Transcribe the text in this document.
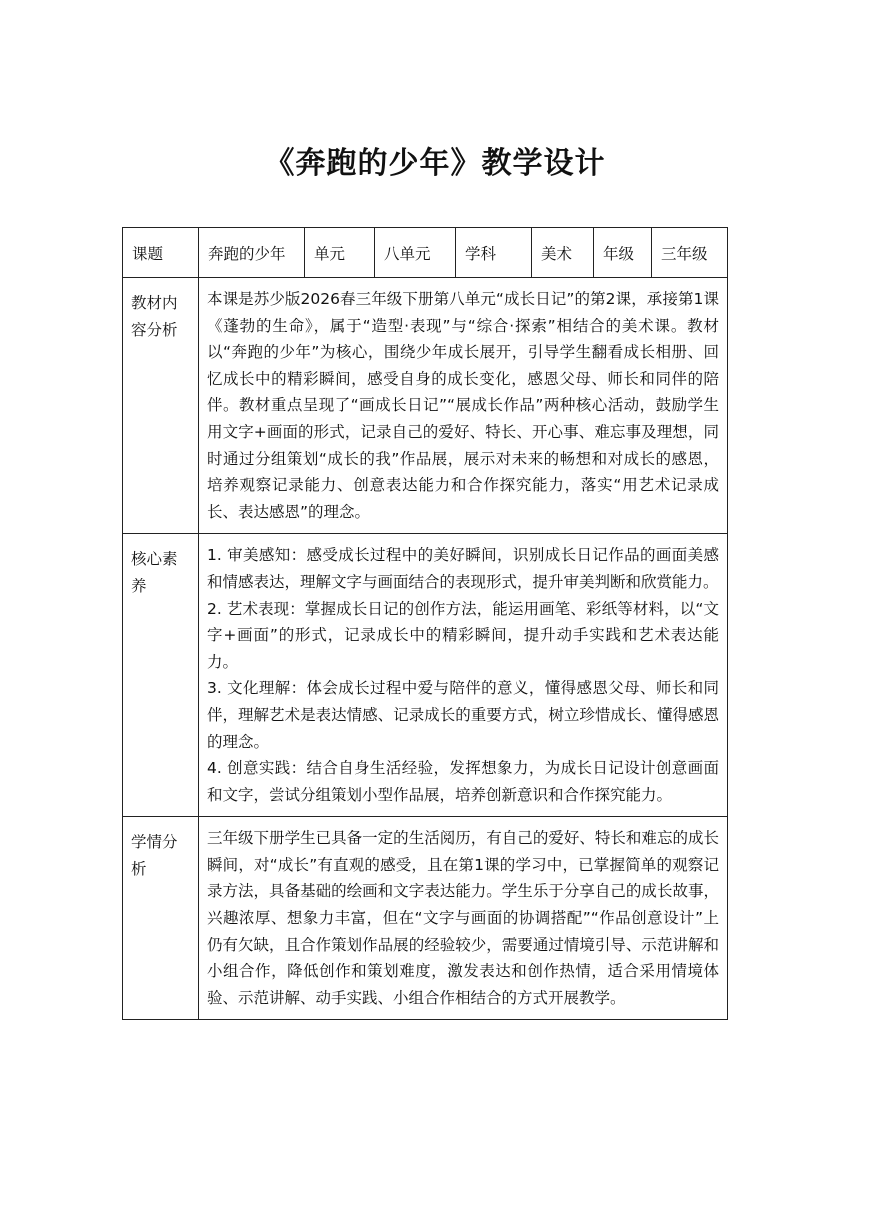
《奔跑的少年》教学设计
课题	奔跑的少年	单元	八单元	学科	美术	年级	三年级

教材内容分析	本课是苏少版2026春三年级下册第八单元“成长日记”的第2课，承接第1课《蓬勃的生命》，属于“造型·表现”与“综合·探索”相结合的美术课。教材以“奔跑的少年”为核心，围绕少年成长展开，引导学生翻看成长相册、回忆成长中的精彩瞬间，感受自身的成长变化，感恩父母、师长和同伴的陪伴。教材重点呈现了“画成长日记”“展成长作品”两种核心活动，鼓励学生用文字+画面的形式，记录自己的爱好、特长、开心事、难忘事及理想，同时通过分组策划“成长的我”作品展，展示对未来的畅想和对成长的感恩，培养观察记录能力、创意表达能力和合作探究能力，落实“用艺术记录成长、表达感恩”的理念。						

核心素养	1. 审美感知：感受成长过程中的美好瞬间，识别成长日记作品的画面美感和情感表达，理解文字与画面结合的表现形式，提升审美判断和欣赏能力。

2. 艺术表现：掌握成长日记的创作方法，能运用画笔、彩纸等材料，以“文字+画面”的形式，记录成长中的精彩瞬间，提升动手实践和艺术表达能力。

3. 文化理解：体会成长过程中爱与陪伴的意义，懂得感恩父母、师长和同伴，理解艺术是表达情感、记录成长的重要方式，树立珍惜成长、懂得感恩的理念。

4. 创意实践：结合自身生活经验，发挥想象力，为成长日记设计创意画面和文字，尝试分组策划小型作品展，培养创新意识和合作探究能力。						

学情分析	三年级下册学生已具备一定的生活阅历，有自己的爱好、特长和难忘的成长瞬间，对“成长”有直观的感受，且在第1课的学习中，已掌握简单的观察记录方法，具备基础的绘画和文字表达能力。学生乐于分享自己的成长故事，兴趣浓厚、想象力丰富，但在“文字与画面的协调搭配”“作品创意设计”上仍有欠缺，且合作策划作品展的经验较少，需要通过情境引导、示范讲解和小组合作，降低创作和策划难度，激发表达和创作热情，适合采用情境体验、示范讲解、动手实践、小组合作相结合的方式开展教学。						
